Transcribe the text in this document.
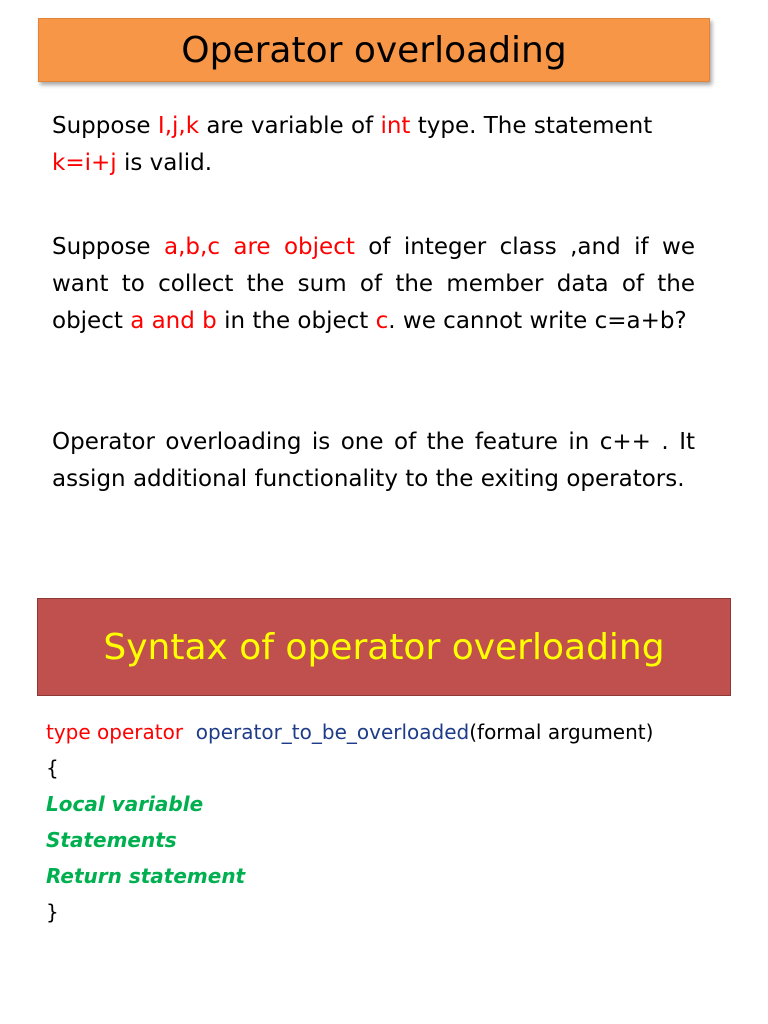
Operator overloading
Suppose I,j,k are variable of int type. The statement
k=i+j is valid.
Suppose a,b,c are object of integer class ,and if we want to collect the sum of the member data of the object a and b in the object c. we cannot write c=a+b?
Operator overloading is one of the feature in c++ . It assign additional functionality to the exiting operators.
Syntax of operator overloading
type operator operator_to_be_overloaded(formal argument)
{
Local variable
Statements
Return statement
}
